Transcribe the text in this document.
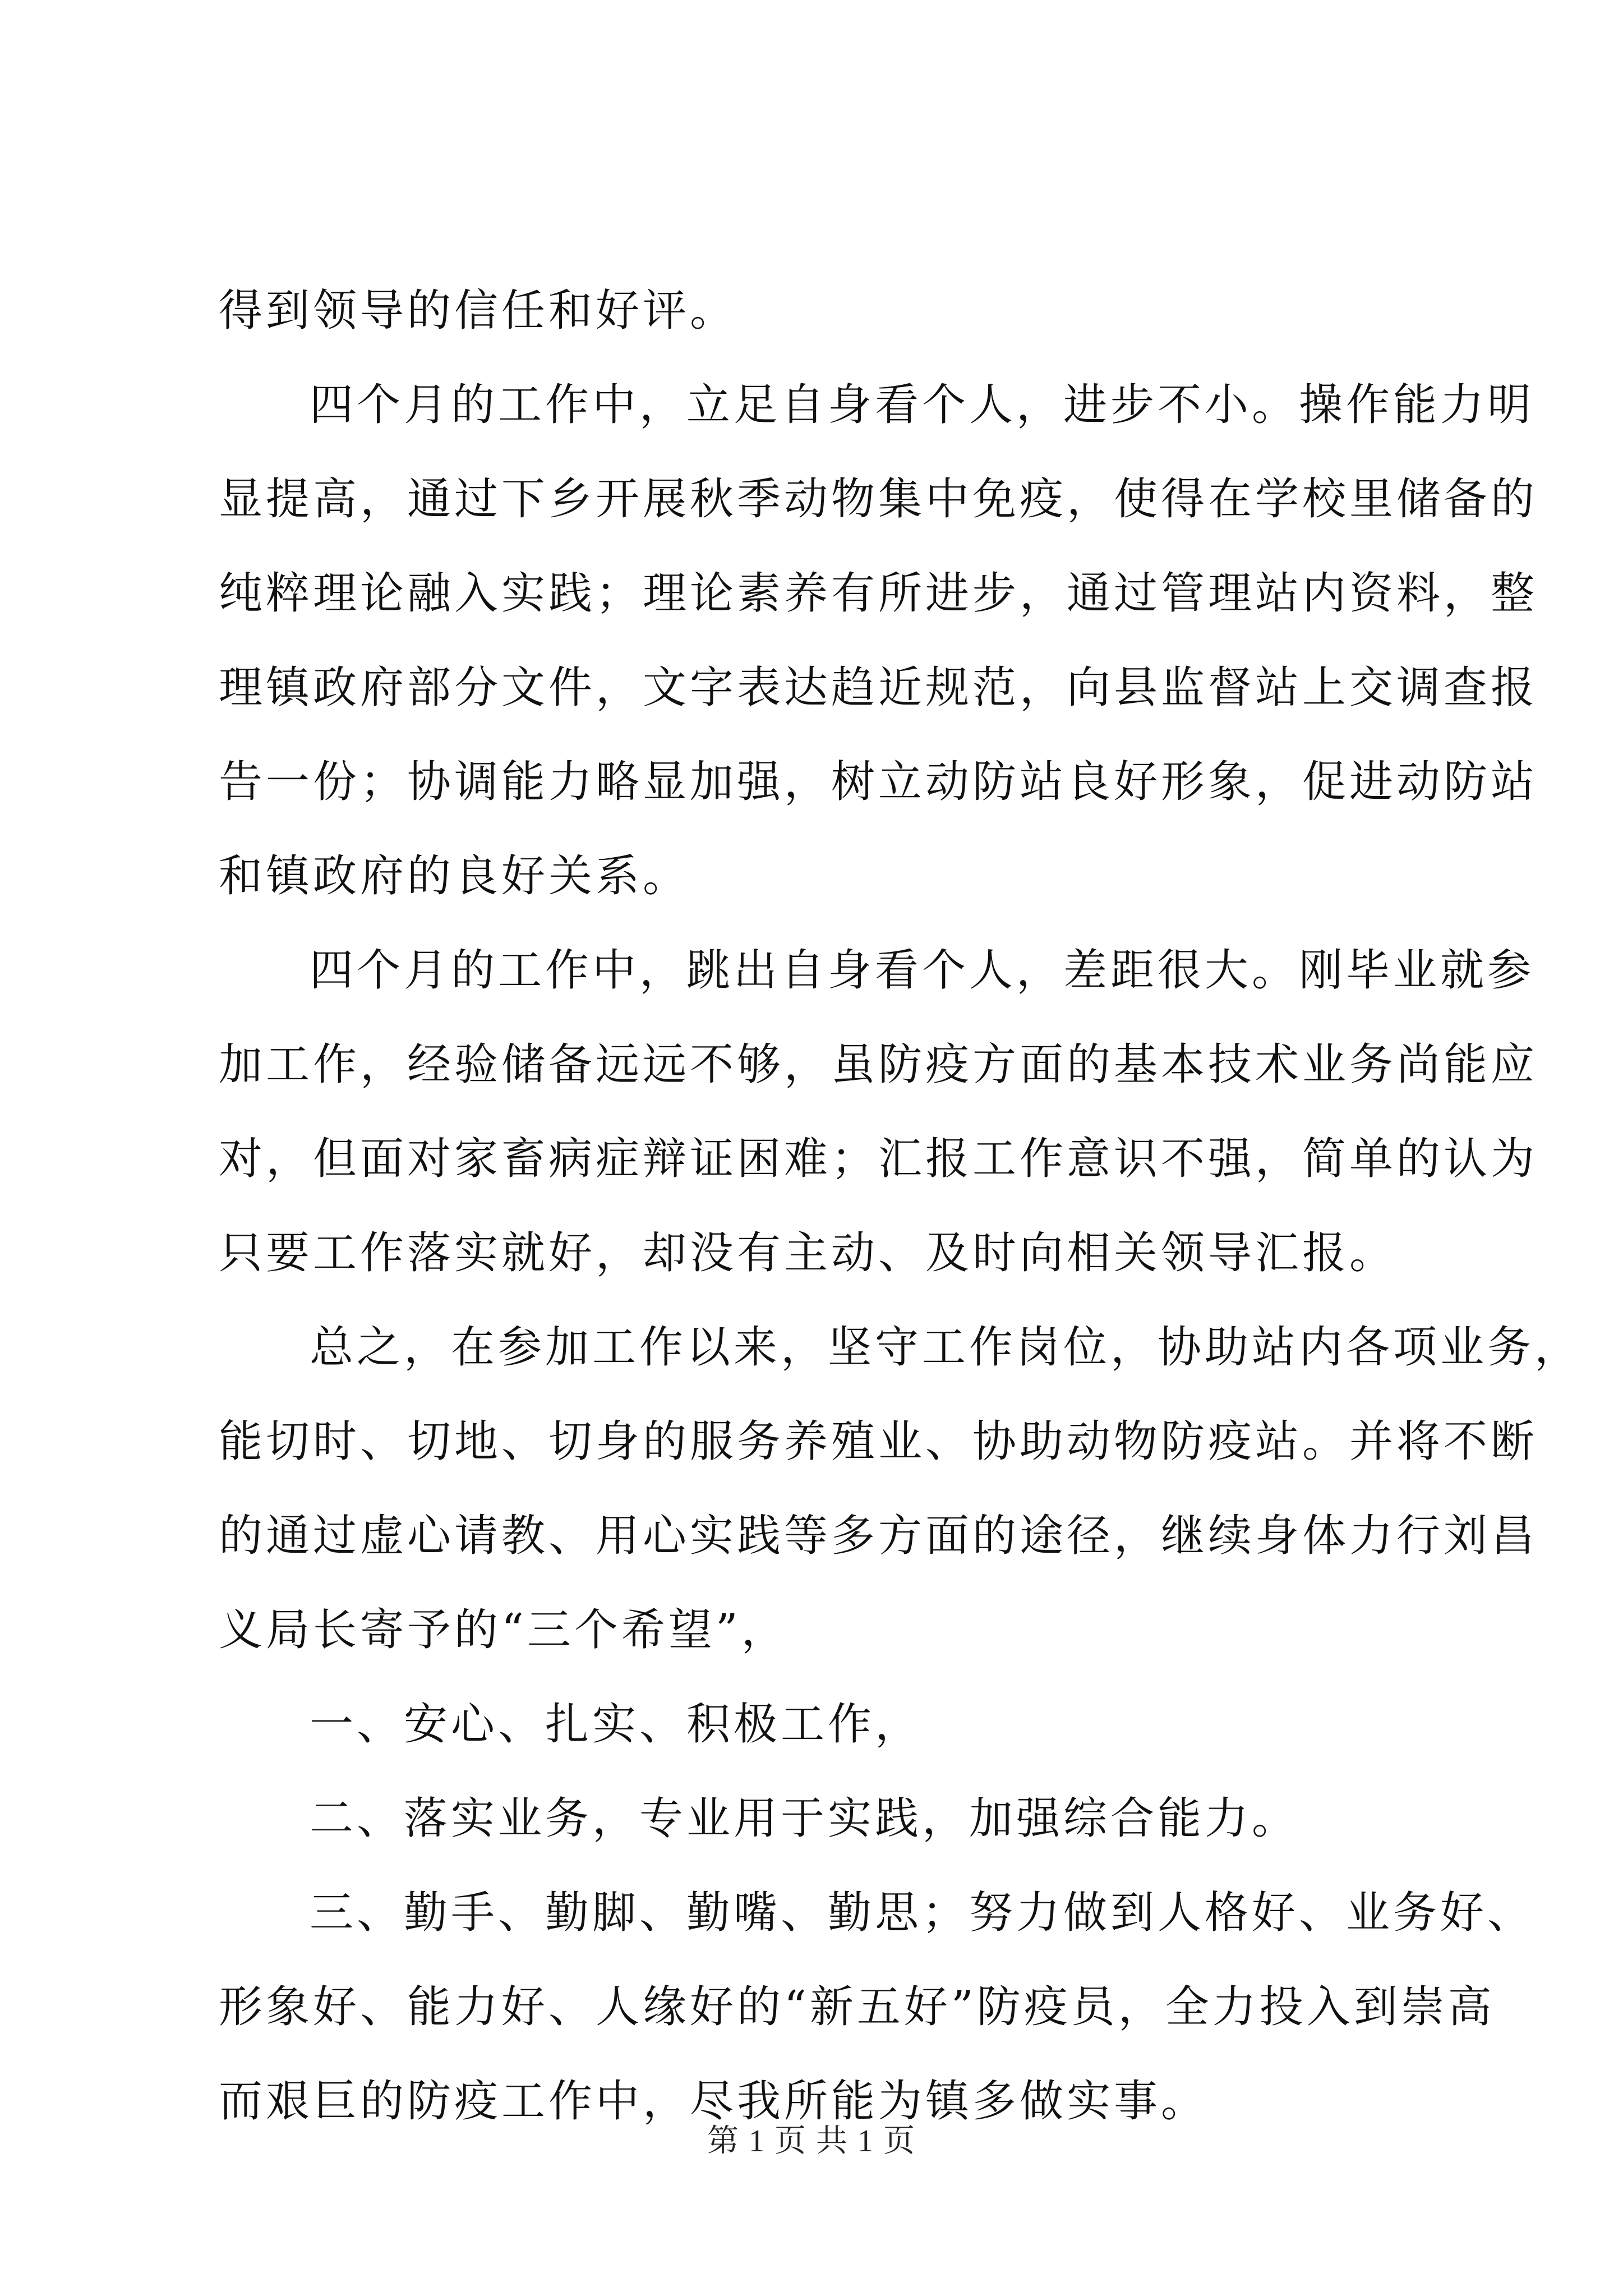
得到领导的信任和好评。
四个月的工作中，立足自身看个人，进步不小。操作能力明
显提高，通过下乡开展秋季动物集中免疫，使得在学校里储备的
纯粹理论融入实践；理论素养有所进步，通过管理站内资料，整
理镇政府部分文件，文字表达趋近规范，向县监督站上交调查报
告一份；协调能力略显加强，树立动防站良好形象，促进动防站
和镇政府的良好关系。
四个月的工作中，跳出自身看个人，差距很大。刚毕业就参
加工作，经验储备远远不够，虽防疫方面的基本技术业务尚能应
对，但面对家畜病症辩证困难；汇报工作意识不强，简单的认为
只要工作落实就好，却没有主动、及时向相关领导汇报。
总之，在参加工作以来，坚守工作岗位，协助站内各项业务，
能切时、切地、切身的服务养殖业、协助动物防疫站。并将不断
的通过虚心请教、用心实践等多方面的途径，继续身体力行刘昌
义局长寄予的“三个希望”，
一、安心、扎实、积极工作，
二、落实业务，专业用于实践，加强综合能力。
三、勤手、勤脚、勤嘴、勤思；努力做到人格好、业务好、
形象好、能力好、人缘好的“新五好”防疫员，全力投入到崇高
而艰巨的防疫工作中，尽我所能为镇多做实事。
第 1 页 共 1 页
